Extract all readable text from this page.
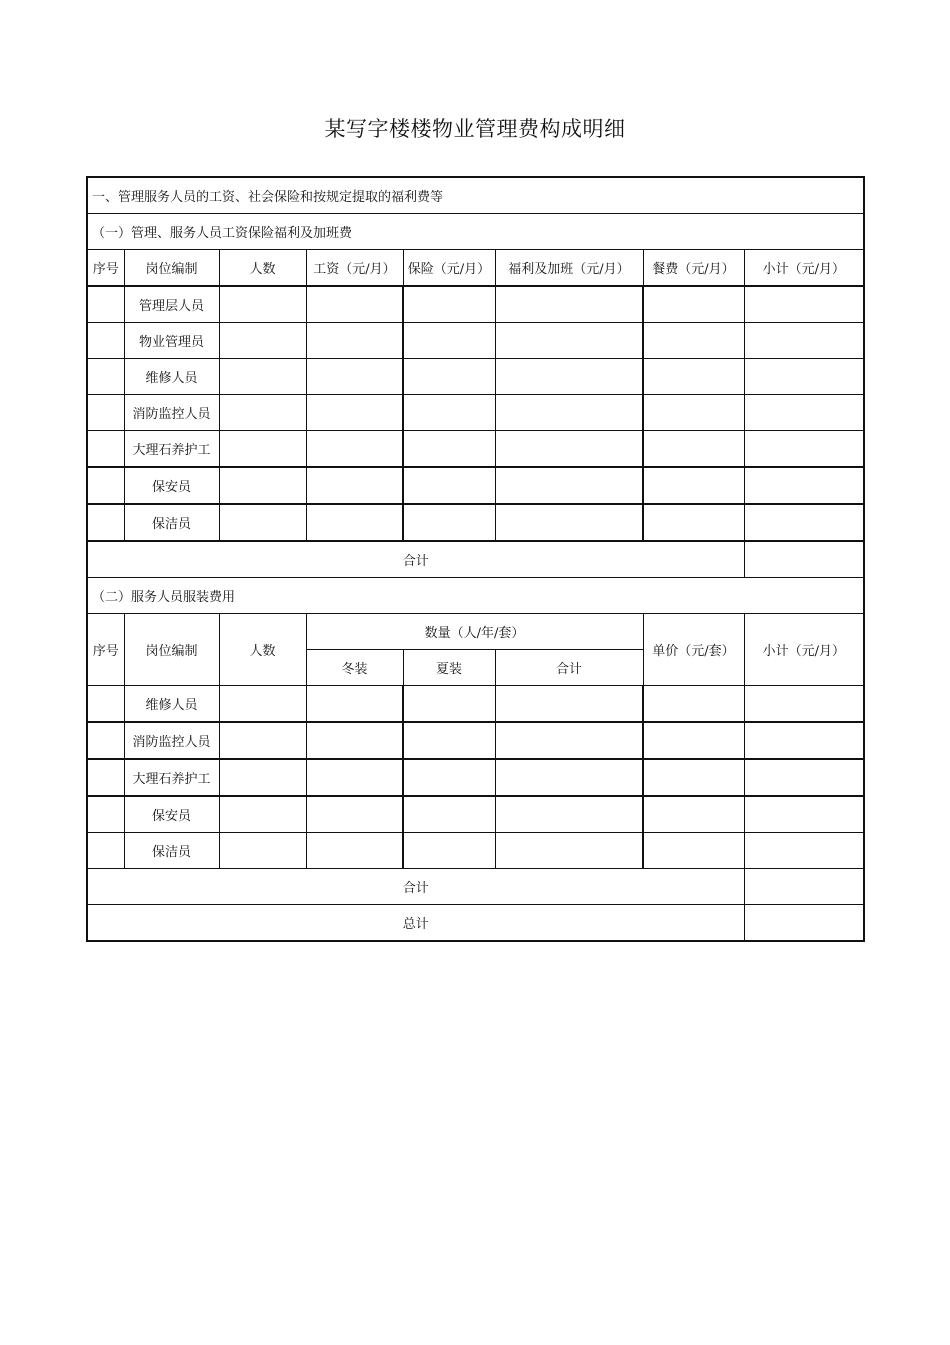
某写字楼楼物业管理费构成明细
一、管理服务人员的工资、社会保险和按规定提取的福利费等							
（一）管理、服务人员工资保险福利及加班费							
序号	岗位编制	人数	工资（元/月）	保险（元/月）	福利及加班（元/月）	餐费（元/月）	小计（元/月）
	管理层人员						
	物业管理员						
	维修人员						
	消防监控人员						
	大理石养护工						
	保安员						
	保洁员						
合计							
（二）服务人员服装费用							
序号	岗位编制	人数	数量（人/年/套）			单价（元/套）	小计（元/月）
			冬装	夏装	合计		
	维修人员						
	消防监控人员						
	大理石养护工						
	保安员						
	保洁员						
合计							
总计							
